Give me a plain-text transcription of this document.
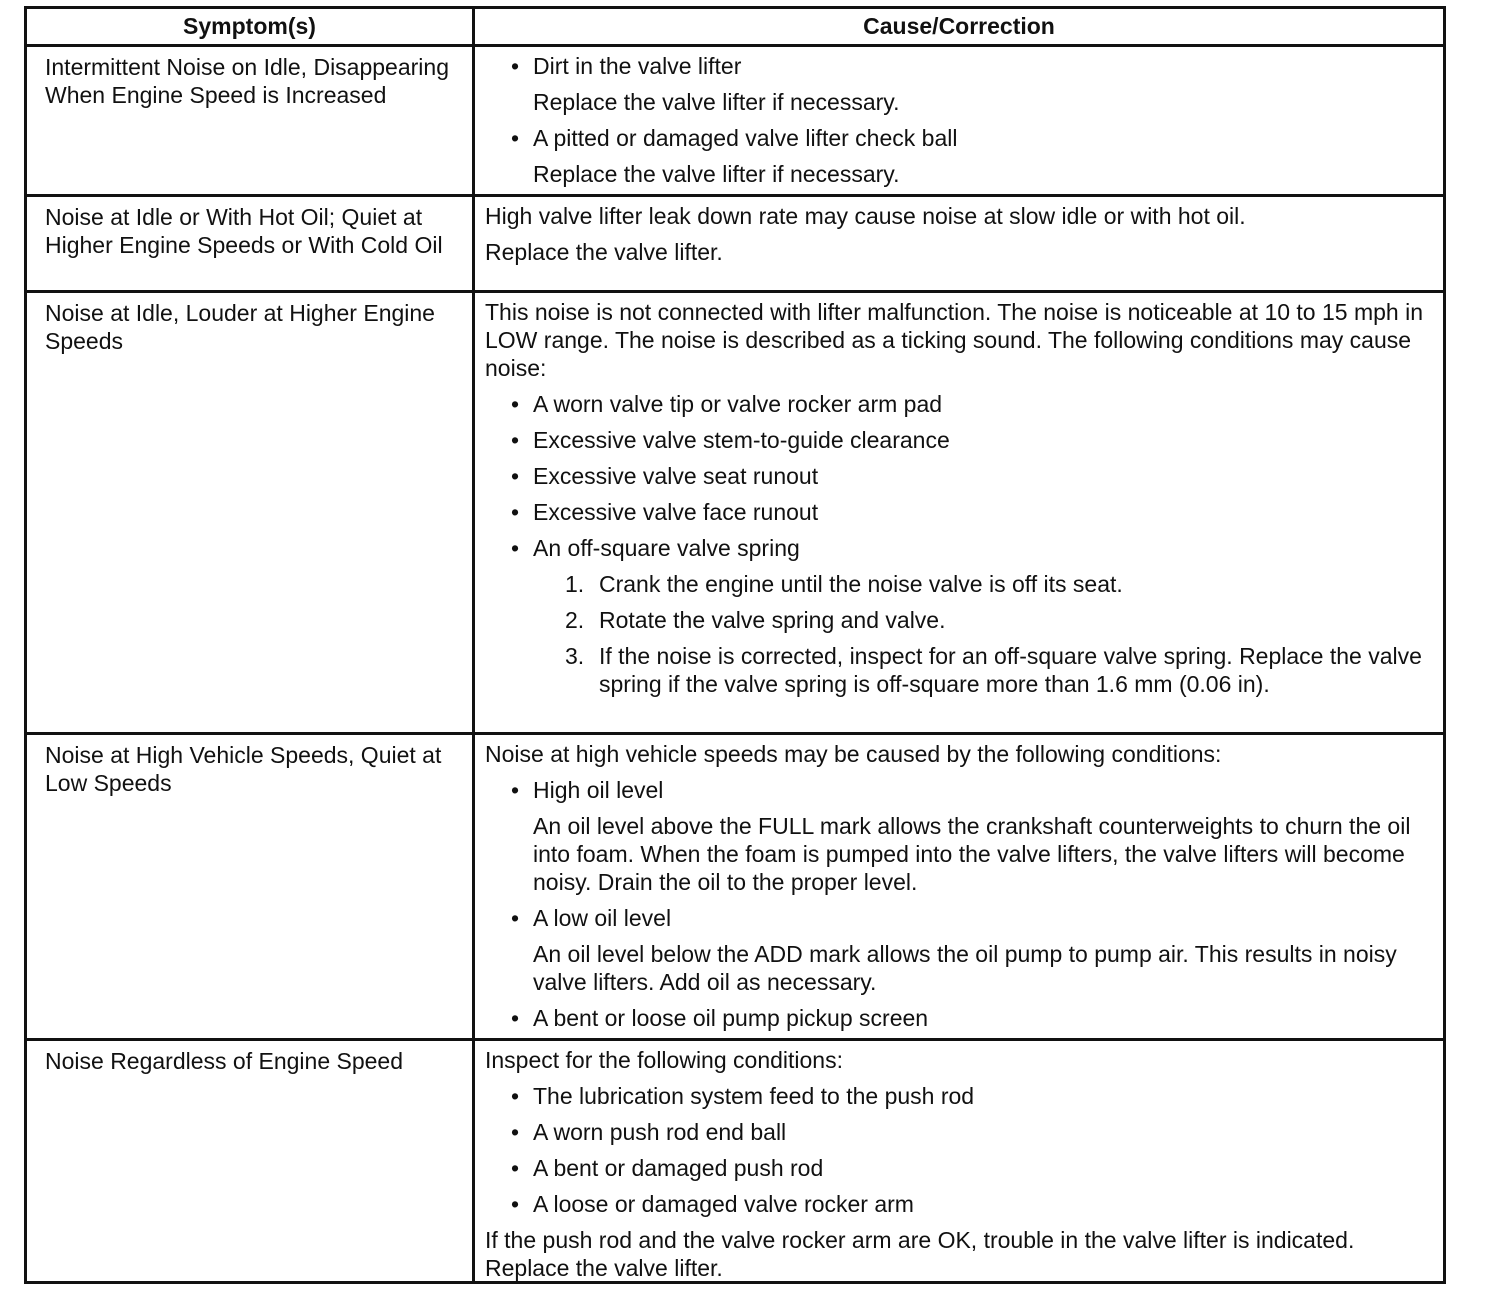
Symptom(s)	Cause/Correction
Intermittent Noise on Idle, Disappearing When Engine Speed is Increased
• Dirt in the valve lifter
Replace the valve lifter if necessary.
• A pitted or damaged valve lifter check ball
Replace the valve lifter if necessary.
Noise at Idle or With Hot Oil; Quiet at Higher Engine Speeds or With Cold Oil
High valve lifter leak down rate may cause noise at slow idle or with hot oil.
Replace the valve lifter.
Noise at Idle, Louder at Higher Engine Speeds
This noise is not connected with lifter malfunction. The noise is noticeable at 10 to 15 mph in LOW range. The noise is described as a ticking sound. The following conditions may cause noise:
• A worn valve tip or valve rocker arm pad
• Excessive valve stem-to-guide clearance
• Excessive valve seat runout
• Excessive valve face runout
• An off-square valve spring
1. Crank the engine until the noise valve is off its seat.
2. Rotate the valve spring and valve.
3. If the noise is corrected, inspect for an off-square valve spring. Replace the valve spring if the valve spring is off-square more than 1.6 mm (0.06 in).
Noise at High Vehicle Speeds, Quiet at Low Speeds
Noise at high vehicle speeds may be caused by the following conditions:
• High oil level
An oil level above the FULL mark allows the crankshaft counterweights to churn the oil into foam. When the foam is pumped into the valve lifters, the valve lifters will become noisy. Drain the oil to the proper level.
• A low oil level
An oil level below the ADD mark allows the oil pump to pump air. This results in noisy valve lifters. Add oil as necessary.
• A bent or loose oil pump pickup screen
Noise Regardless of Engine Speed	Inspect for the following conditions:
• The lubrication system feed to the push rod
• A worn push rod end ball
• A bent or damaged push rod
• A loose or damaged valve rocker arm
If the push rod and the valve rocker arm are OK, trouble in the valve lifter is indicated. Replace the valve lifter.
